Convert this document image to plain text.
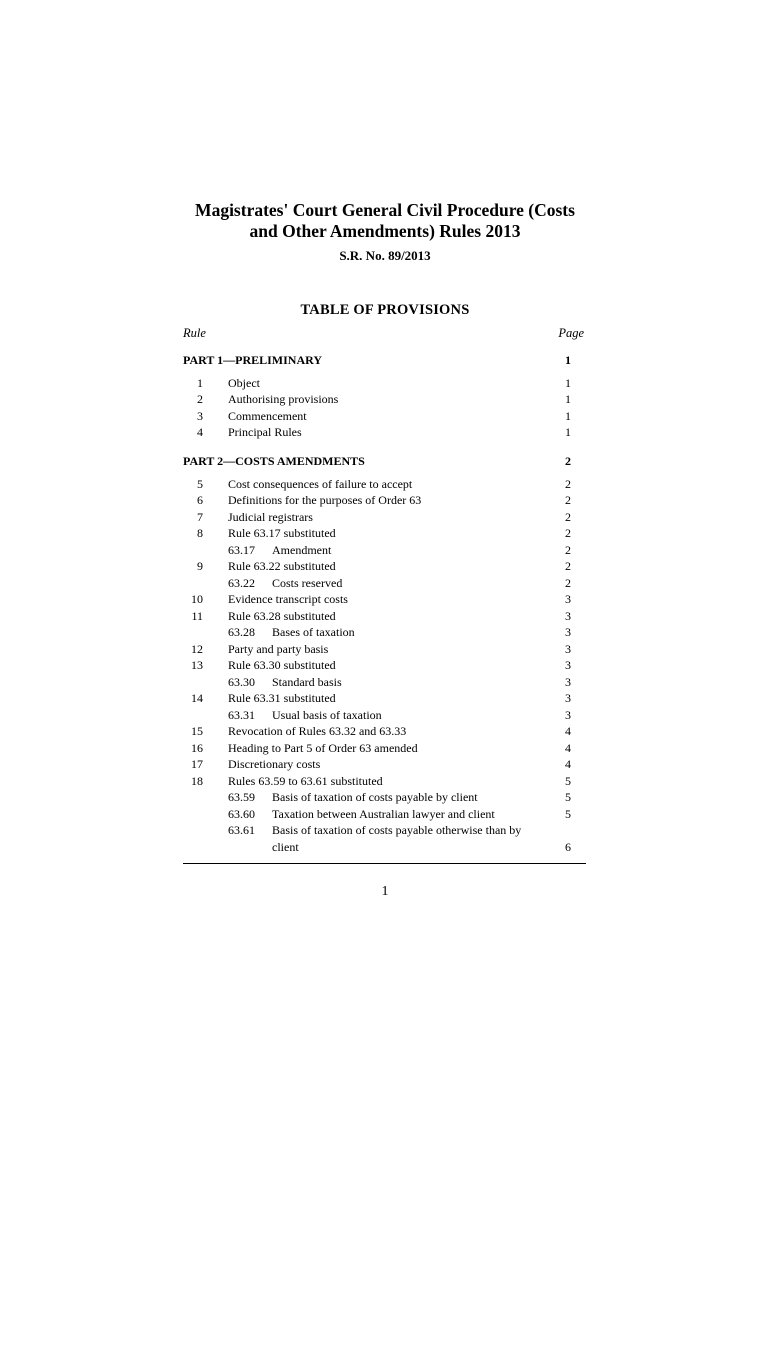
Magistrates' Court General Civil Procedure (Costs
and Other Amendments) Rules 2013
S.R. No. 89/2013
TABLE OF PROVISIONS
Rule	Page
PART 1—PRELIMINARY	1
1 Object	1
2 Authorising provisions	1
3 Commencement	1
4 Principal Rules	1
PART 2—COSTS AMENDMENTS	2
5 Cost consequences of failure to accept	2
6 Definitions for the purposes of Order 63	2
7 Judicial registrars	2
8 Rule 63.17 substituted	2
63.17	Amendment	2
9 Rule 63.22 substituted	2
63.22	Costs reserved	2
10 Evidence transcript costs	3
11 Rule 63.28 substituted	3
63.28	Bases of taxation	3
12 Party and party basis	3
13 Rule 63.30 substituted	3
63.30	Standard basis	3
14 Rule 63.31 substituted	3
63.31	Usual basis of taxation	3
15 Revocation of Rules 63.32 and 63.33	4
16 Heading to Part 5 of Order 63 amended	4
17 Discretionary costs	4
18 Rules 63.59 to 63.61 substituted	5
63.59	Basis of taxation of costs payable by client	5
63.60	Taxation between Australian lawyer and client	5
63.61	Basis of taxation of costs payable otherwise than by client	6
1
